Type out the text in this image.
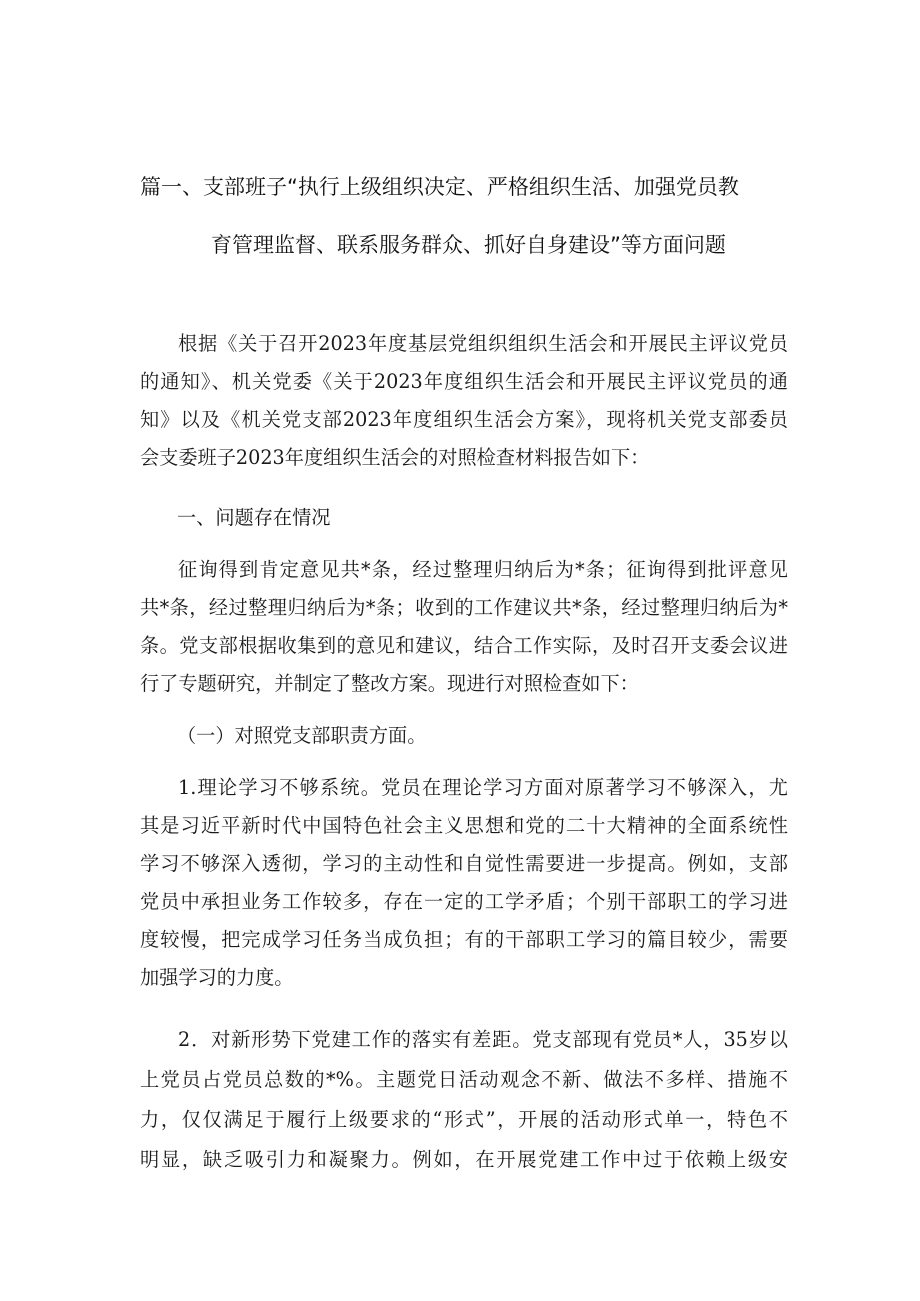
篇一、支部班子“执行上级组织决定、严格组织生活、加强党员教
育管理监督、联系服务群众、抓好自身建设”等方面问题
根据《关于召开2023年度基层党组织组织生活会和开展民主评议党员
的通知》、机关党委《关于2023年度组织生活会和开展民主评议党员的通
知》以及《机关党支部2023年度组织生活会方案》，现将机关党支部委员
会支委班子2023年度组织生活会的对照检查材料报告如下：
一、问题存在情况
征询得到肯定意见共*条，经过整理归纳后为*条；征询得到批评意见
共*条，经过整理归纳后为*条；收到的工作建议共*条，经过整理归纳后为*
条。党支部根据收集到的意见和建议，结合工作实际，及时召开支委会议进
行了专题研究，并制定了整改方案。现进行对照检查如下：
（一）对照党支部职责方面。
1.理论学习不够系统。党员在理论学习方面对原著学习不够深入，尤
其是习近平新时代中国特色社会主义思想和党的二十大精神的全面系统性
学习不够深入透彻，学习的主动性和自觉性需要进一步提高。例如，支部
党员中承担业务工作较多，存在一定的工学矛盾；个别干部职工的学习进
度较慢，把完成学习任务当成负担；有的干部职工学习的篇目较少，需要
加强学习的力度。
2．对新形势下党建工作的落实有差距。党支部现有党员*人，35岁以
上党员占党员总数的*%。主题党日活动观念不新、做法不多样、措施不
力，仅仅满足于履行上级要求的“形式”，开展的活动形式单一，特色不
明显，缺乏吸引力和凝聚力。例如，在开展党建工作中过于依赖上级安
